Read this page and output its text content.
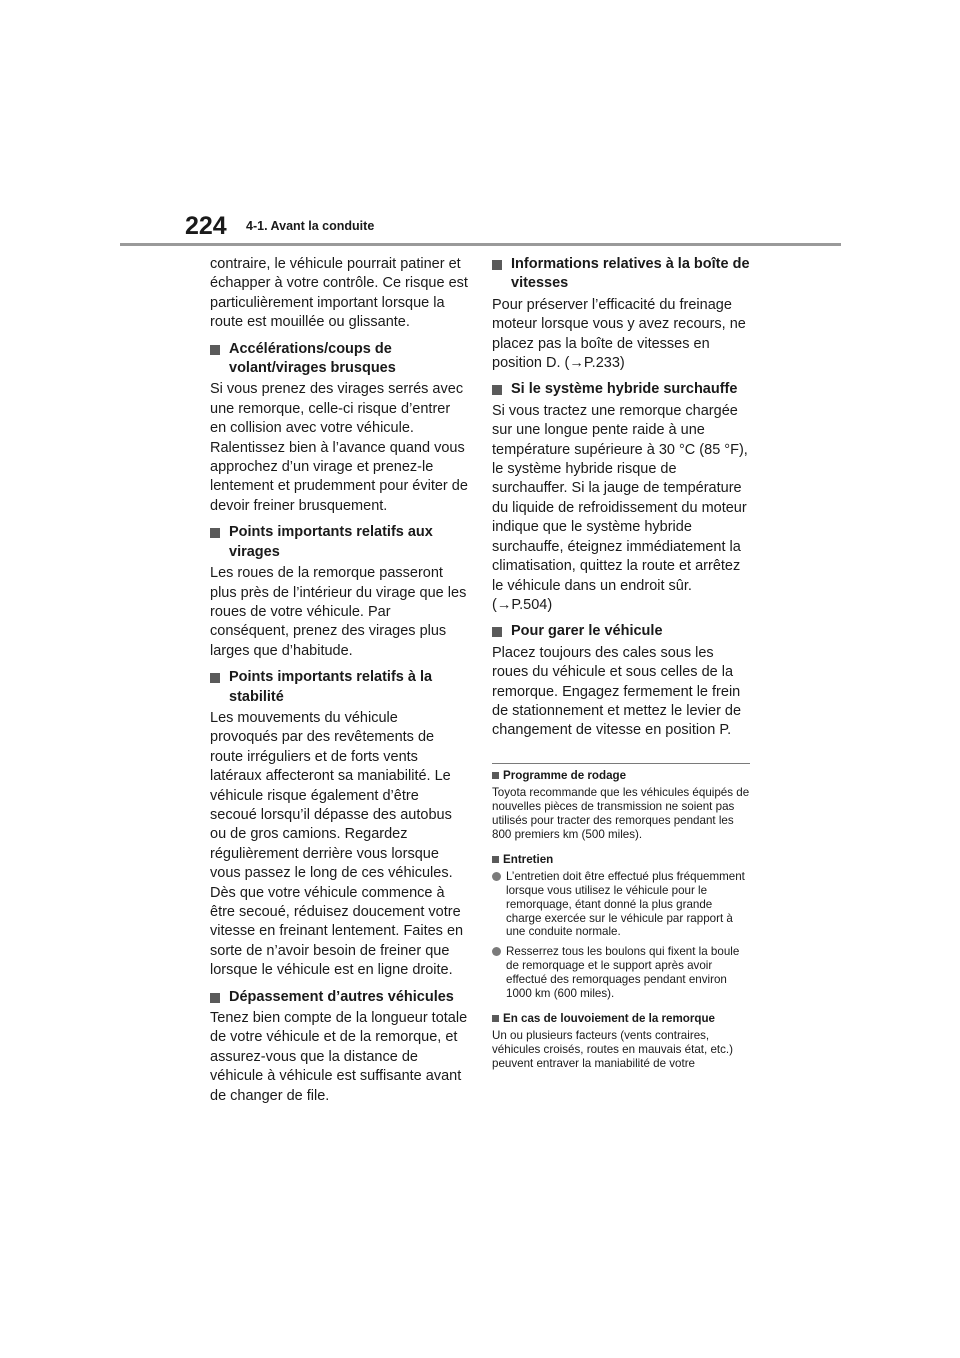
224 4-1. Avant la conduite

contraire, le véhicule pourrait patiner et échapper à votre contrôle. Ce risque est particulièrement important lorsque la route est mouillée ou glissante.

Accélérations/coups de volant/virages brusques

Si vous prenez des virages serrés avec une remorque, celle-ci risque d’entrer en collision avec votre véhicule. Ralentissez bien à l’avance quand vous approchez d’un virage et prenez-le lentement et prudemment pour éviter de devoir freiner brusquement.

Points importants relatifs aux virages

Les roues de la remorque passeront plus près de l’intérieur du virage que les roues de votre véhicule. Par conséquent, prenez des virages plus larges que d’habitude.

Points importants relatifs à la stabilité

Les mouvements du véhicule provoqués par des revêtements de route irréguliers et de forts vents latéraux affecteront sa maniabilité. Le véhicule risque également d’être secoué lorsqu’il dépasse des autobus ou de gros camions. Regardez régulièrement derrière vous lorsque vous passez le long de ces véhicules. Dès que votre véhicule commence à être secoué, réduisez doucement votre vitesse en freinant lentement. Faites en sorte de n’avoir besoin de freiner que lorsque le véhicule est en ligne droite.

Dépassement d’autres véhicules

Tenez bien compte de la longueur totale de votre véhicule et de la remorque, et assurez-vous que la distance de véhicule à véhicule est suffisante avant de changer de file.

Informations relatives à la boîte de vitesses

Pour préserver l’efficacité du freinage moteur lorsque vous y avez recours, ne placez pas la boîte de vitesses en position D. (→P.233)

Si le système hybride surchauffe

Si vous tractez une remorque chargée sur une longue pente raide à une température supérieure à 30 °C (85 °F), le système hybride risque de surchauffer. Si la jauge de température du liquide de refroidissement du moteur indique que le système hybride surchauffe, éteignez immédiatement la climatisation, quittez la route et arrêtez le véhicule dans un endroit sûr. (→P.504)

Pour garer le véhicule

Placez toujours des cales sous les roues du véhicule et sous celles de la remorque. Engagez fermement le frein de stationnement et mettez le levier de changement de vitesse en position P.

Programme de rodage

Toyota recommande que les véhicules équipés de nouvelles pièces de transmission ne soient pas utilisés pour tracter des remorques pendant les 800 premiers km (500 miles).

Entretien
L’entretien doit être effectué plus fréquemment lorsque vous utilisez le véhicule pour le remorquage, étant donné la plus grande charge exercée sur le véhicule par rapport à une conduite normale.
Resserrez tous les boulons qui fixent la boule de remorquage et le support après avoir effectué des remorquages pendant environ 1000 km (600 miles).
En cas de louvoiement de la remorque

Un ou plusieurs facteurs (vents contraires, véhicules croisés, routes en mauvais état, etc.) peuvent entraver la maniabilité de votre
